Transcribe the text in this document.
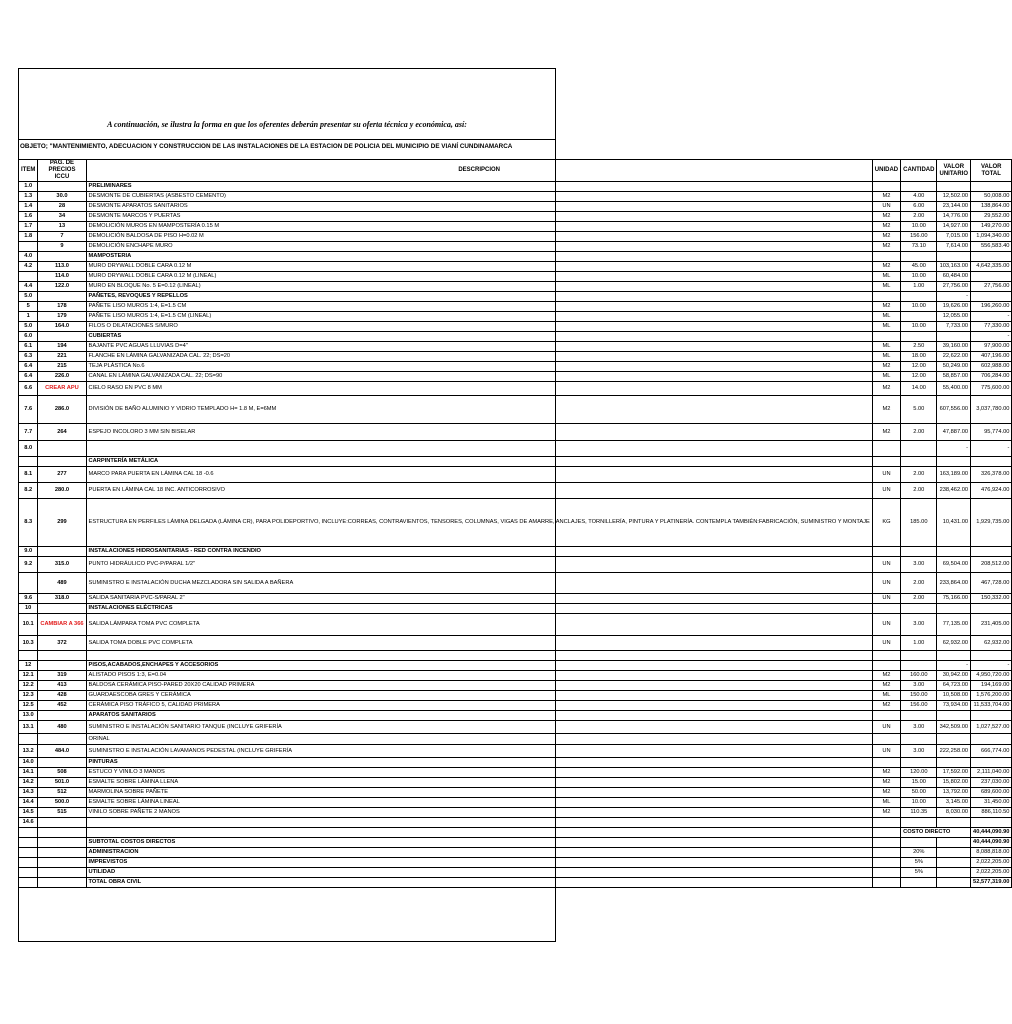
A continuación, se ilustra la forma en que los oferentes deberán presentar su oferta técnica y económica, así:
OBJETO; "MANTENIMIENTO, ADECUACION Y CONSTRUCCION DE LAS INSTALACIONES DE LA ESTACION DE POLICIA DEL MUNICIPIO DE VIANÍ CUNDINAMARCA
ITEM	PAG. DE PRECIOS ICCU	DESCRIPCION	UNIDAD	CANTIDAD	VALOR UNITARIO	VALOR TOTAL
1.0		PRELIMINARES				
1.3	30.0	DESMONTE DE CUBIERTAS (ASBESTO CEMENTO)	M2	4.00	12,502.00	50,008.00
1.4	28	DESMONTE APARATOS SANITARIOS	UN	6.00	23,144.00	138,864.00
1.6	34	DESMONTE MARCOS Y PUERTAS	M2	2.00	14,776.00	29,552.00
1.7	13	DEMOLICIÓN MUROS EN MAMPOSTERÍA 0.15 M	M2	10.00	14,927.00	149,270.00
1.8	7	DEMOLICIÓN BALDOSA DE PISO H=0.02 M	M2	156.00	7,015.00	1,094,340.00
	9	DEMOLICIÓN ENCHAPE MURO	M2	73.10	7,614.00	556,583.40
4.0		MAMPOSTERIA				
4.2	113.0	MURO DRYWALL DOBLE CARA 0.12 M	M2	45.00	103,163.00	4,642,335.00
	114.0	MURO DRYWALL DOBLE CARA 0.12 M (LINEAL)	ML	10.00	60,484.00	
4.4	122.0	MURO EN BLOQUE No. 5 E=0.12 (LINEAL)	ML	1.00	27,756.00	27,756.00
5.0		PAÑETES, REVOQUES Y REPELLOS			-	
5	178	PAÑETE LISO MUROS 1:4, E=1.5 CM	M2	10.00	19,626.00	196,260.00
1	179	PAÑETE LISO MUROS 1:4, E=1.5 CM (LINEAL)	ML		12,055.00	-
5.0	164.0	FILOS O DILATACIONES S/MURO	ML	10.00	7,733.00	77,330.00
6.0		CUBIERTAS				-
6.1	194	BAJANTE PVC AGUAS LLUVIAS D=4"	ML	2.50	39,160.00	97,900.00
6.3	221	FLANCHE EN LÁMINA GALVANIZADA CAL. 22; DS=20	ML	18.00	22,622.00	407,196.00
6.4	215	TEJA PLÁSTICA No.6	M2	12.00	50,249.00	602,988.00
6.4	226.0	CANAL EN LÁMINA GALVANIZADA CAL. 22; DS=90	ML	12.00	58,857.00	706,284.00
6.6	CREAR APU	CIELO RASO EN PVC 8 MM	M2	14.00	55,400.00	775,600.00
7.6	286.0	DIVISIÓN DE BAÑO ALUMINIO Y VIDRIO TEMPLADO H= 1.8 M, E=6MM	M2	5.00	607,556.00	3,037,780.00
7.7	264	ESPEJO INCOLORO 3 MM SIN BISELAR	M2	2.00	47,887.00	95,774.00
8.0					-	-
		CARPINTERÍA METÁLICA				
8.1	277	MARCO PARA PUERTA EN LÁMINA CAL 18 -0.6	UN	2.00	163,189.00	326,378.00
8.2	280.0	PUERTA EN LÁMINA CAL 18 INC. ANTICORROSIVO	UN	2.00	238,462.00	476,924.00
8.3	299	ESTRUCTURA EN PERFILES LÁMINA DELGADA (LÁMINA CR), PARA POLIDEPORTIVO, INCLUYE:CORREAS, CONTRAVIENTOS, TENSORES, COLUMNAS, VIGAS DE AMARRE, ANCLAJES, TORNILLERÍA, PINTURA Y PLATINERÍA. CONTEMPLA TAMBIÉN:FABRICACIÓN, SUMINISTRO Y MONTAJE	KG	185.00	10,431.00	1,929,735.00
9.0		INSTALACIONES HIDROSANITARIAS - RED CONTRA INCENDIO				
9.2	315.0	PUNTO HIDRÁULICO PVC-P/PARAL 1/2"	UN	3.00	69,504.00	208,512.00
	489	SUMINISTRO E INSTALACIÓN DUCHA MEZCLADORA SIN SALIDA A BAÑERA	UN	2.00	233,864.00	467,728.00
9.6	318.0	SALIDA SANITARIA PVC-S/PARAL 2"	UN	2.00	75,166.00	150,332.00
10		INSTALACIONES ELÉCTRICAS				
10.1	CAMBIAR A 366	SALIDA LÁMPARA TOMA PVC COMPLETA	UN	3.00	77,135.00	231,405.00
10.3	372	SALIDA TOMA DOBLE PVC COMPLETA	UN	1.00	62,932.00	62,932.00

12		PISOS,ACABADOS,ENCHAPES Y ACCESORIOS			-	-
12.1	319	ALISTADO PISOS 1:3, E=0.04	M2	160.00	30,942.00	4,950,720.00
12.2	413	BALDOSA CERÁMICA PISO-PARED 20X20 CALIDAD PRIMERA	M2	3.00	64,723.00	194,169.00
12.3	428	GUARDAESCOBA GRES Y CERÁMICA	ML	150.00	10,508.00	1,576,200.00
12.5	452	CERÁMICA PISO TRÁFICO 5, CALIDAD PRIMERA	M2	156.00	73,934.00	11,533,704.00
13.0		APARATOS SANITARIOS				
13.1	480	SUMINISTRO E INSTALACIÓN SANITARIO TANQUE (INCLUYE GRIFERÍA	UN	3.00	342,509.00	1,027,527.00
		ORINAL				
13.2	484.0	SUMINISTRO E INSTALACIÓN LAVAMANOS PEDESTAL (INCLUYE GRIFERÍA	UN	3.00	222,258.00	666,774.00
14.0		PINTURAS				
14.1	508	ESTUCO Y VINILO 3 MANOS	M2	120.00	17,592.00	2,111,040.00
14.2	501.0	ESMALTE SOBRE LÁMINA LLENA	M2	15.00	15,802.00	237,030.00
14.3	512	MARMOLINA SOBRE PAÑETE	M2	50.00	13,792.00	689,600.00
14.4	500.0	ESMALTE SOBRE LÁMINA LINEAL	ML	10.00	3,145.00	31,450.00
14.5	515	VINILO SOBRE PAÑETE 2 MANOS	M2	110.35	8,030.00	886,110.50
14.6						
				COSTO DIRECTO		40,444,090.90
		SUBTOTAL COSTOS DIRECTOS				40,444,090.90
		ADMINISTRACION		20%		8,088,818.00
		IMPREVISTOS		5%		2,022,205.00
		UTILIDAD		5%		2,022,205.00
		TOTAL OBRA CIVIL				52,577,319.00
